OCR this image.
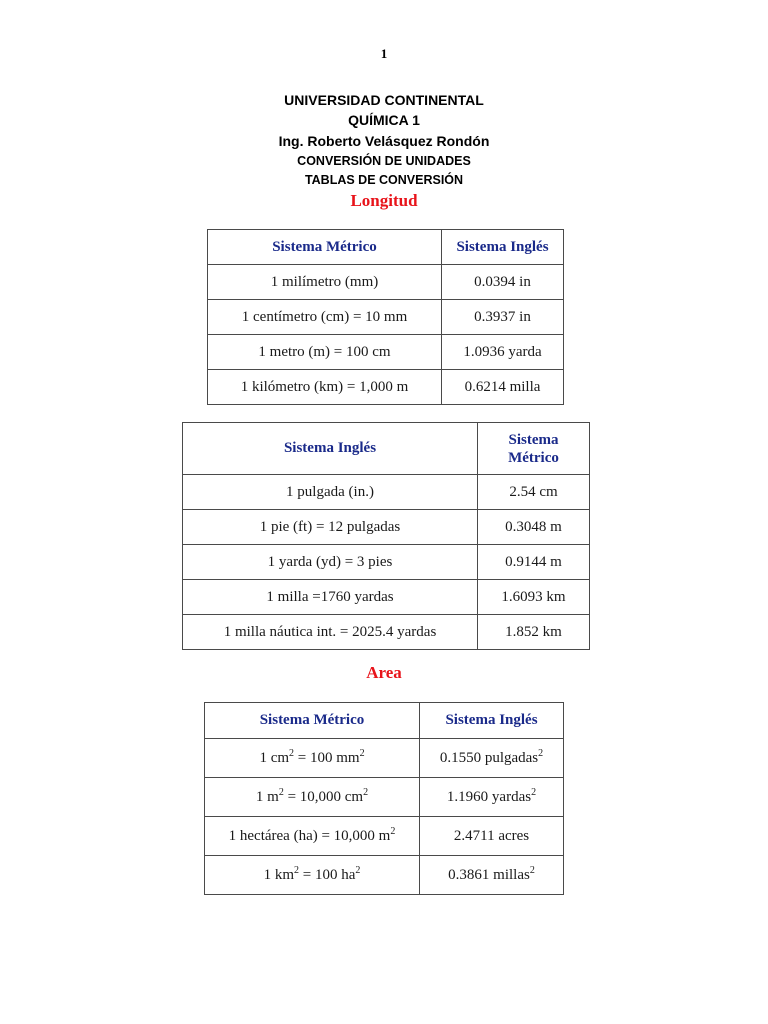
1
UNIVERSIDAD CONTINENTAL
QUÍMICA 1
Ing. Roberto Velásquez Rondón
CONVERSIÓN DE UNIDADES
TABLAS DE CONVERSIÓN
Longitud
Sistema Métrico	Sistema Inglés
1 milímetro (mm)	0.0394 in
1 centímetro (cm) = 10 mm	0.3937 in
1 metro (m) = 100 cm	1.0936 yarda
1 kilómetro (km) = 1,000 m	0.6214 milla
Sistema Inglés	Sistema
Métrico
1 pulgada (in.)	2.54 cm
1 pie (ft) = 12 pulgadas	0.3048 m
1 yarda (yd) = 3 pies	0.9144 m
1 milla =1760 yardas	1.6093 km
1 milla náutica int. = 2025.4 yardas	1.852 km
Area
Sistema Métrico	Sistema Inglés
1 $cm^2 = 100$ $mm^2$	0.1550 pulgadas$^2$
1 $m^2 = 10,000$ $cm^2$	1.1960 yardas$^2$
1 hectárea (ha) = 10,000 $m^2$	2.4711 acres
1 $km^2 = 100$ $ha^2$	0.3861 millas$^2$
